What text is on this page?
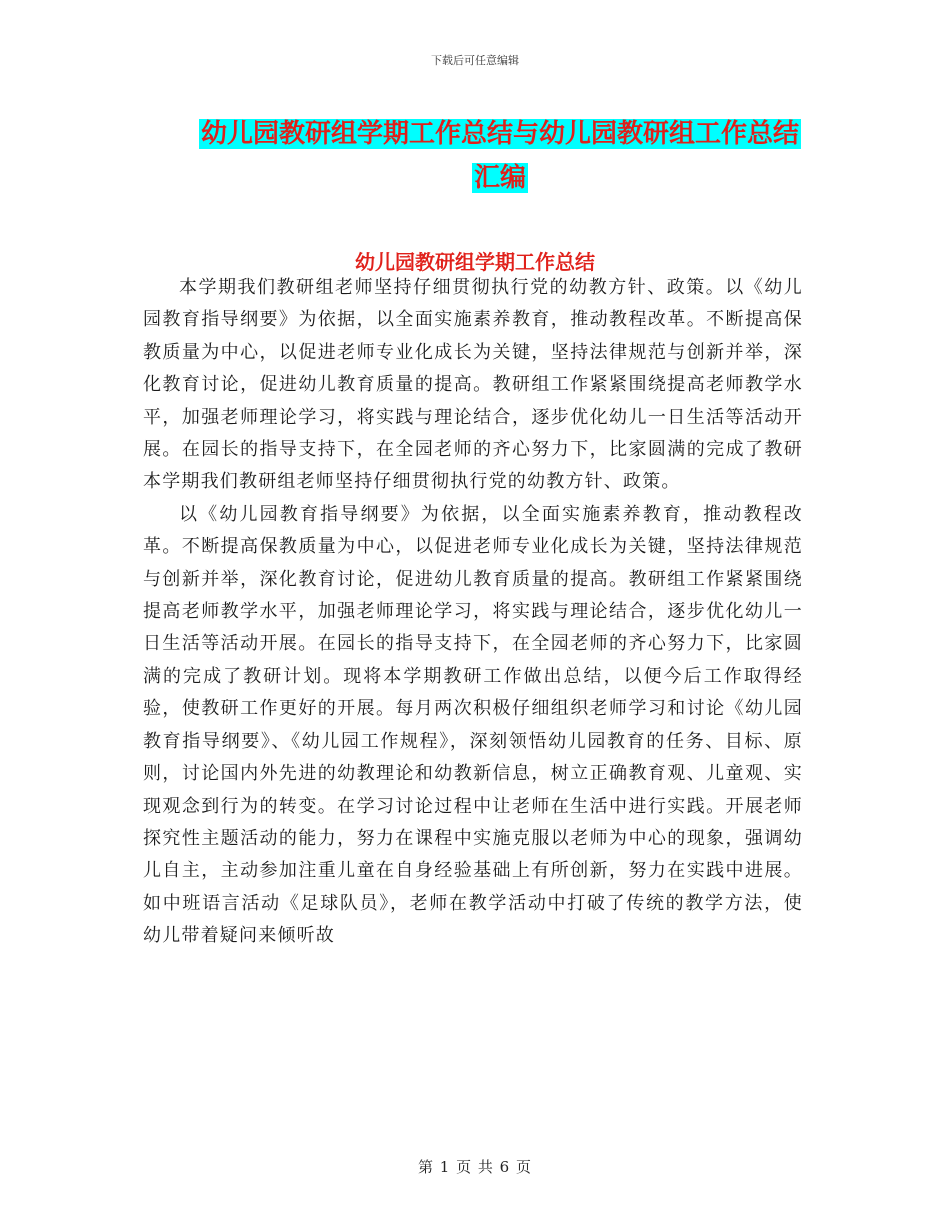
下载后可任意编辑
幼儿园教研组学期工作总结与幼儿园教研组工作总结
汇编
幼儿园教研组学期工作总结

本学期我们教研组老师坚持仔细贯彻执行党的幼教方针、政策。以《幼儿园教育指导纲要》为依据，以全面实施素养教育，推动教程改革。不断提高保教质量为中心，以促进老师专业化成长为关键，坚持法律规范与创新并举，深化教育讨论，促进幼儿教育质量的提高。教研组工作紧紧围绕提高老师教学水平，加强老师理论学习，将实践与理论结合，逐步优化幼儿一日生活等活动开展。在园长的指导支持下，在全园老师的齐心努力下，比家圆满的完成了教研本学期我们教研组老师坚持仔细贯彻执行党的幼教方针、政策。

以《幼儿园教育指导纲要》为依据，以全面实施素养教育，推动教程改革。不断提高保教质量为中心，以促进老师专业化成长为关键，坚持法律规范与创新并举，深化教育讨论，促进幼儿教育质量的提高。教研组工作紧紧围绕提高老师教学水平，加强老师理论学习，将实践与理论结合，逐步优化幼儿一日生活等活动开展。在园长的指导支持下，在全园老师的齐心努力下，比家圆满的完成了教研计划。现将本学期教研工作做出总结，以便今后工作取得经验，使教研工作更好的开展。每月两次积极仔细组织老师学习和讨论《幼儿园教育指导纲要》、《幼儿园工作规程》，深刻领悟幼儿园教育的任务、目标、原则，讨论国内外先进的幼教理论和幼教新信息，树立正确教育观、儿童观、实现观念到行为的转变。在学习讨论过程中让老师在生活中进行实践。开展老师探究性主题活动的能力，努力在课程中实施克服以老师为中心的现象，强调幼儿自主，主动参加注重儿童在自身经验基础上有所创新，努力在实践中进展。如中班语言活动《足球队员》，老师在教学活动中打破了传统的教学方法，使幼儿带着疑问来倾听故

第 1 页 共 6 页
